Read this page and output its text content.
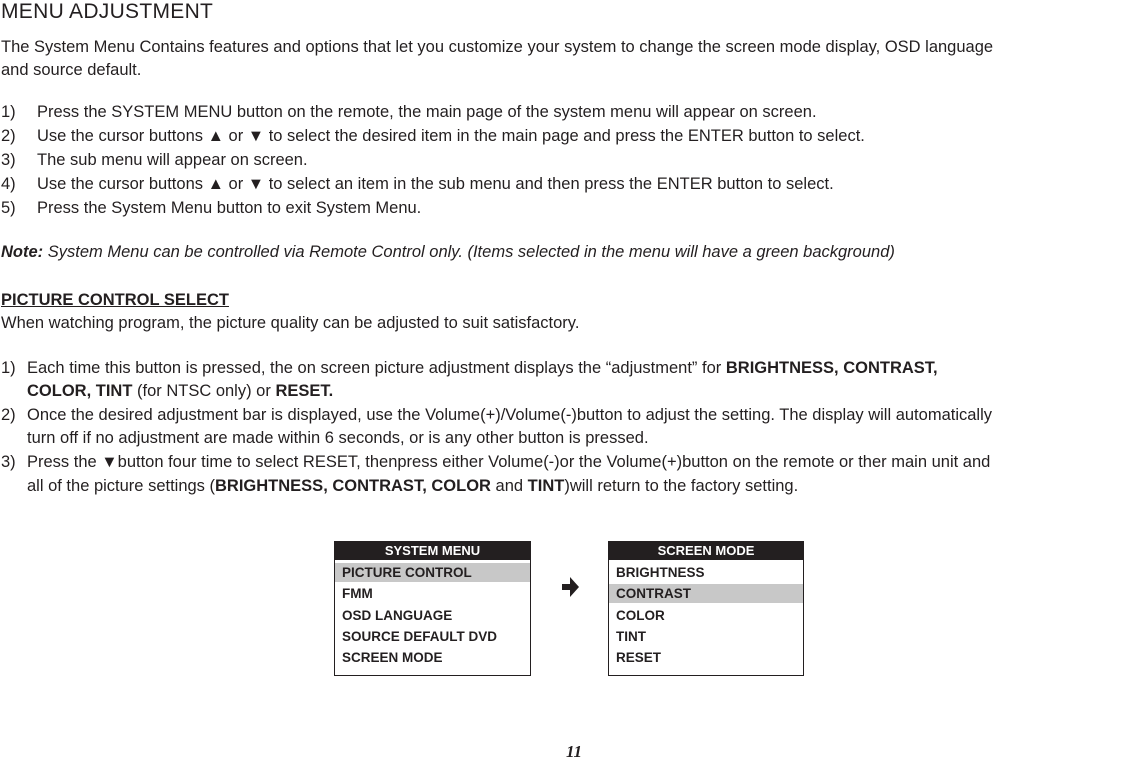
MENU ADJUSTMENT
The System Menu Contains features and options that let you customize your system to change the screen mode display, OSD language
and source default.
1) Press the SYSTEM MENU button on the remote, the main page of the system menu will appear on screen.
2) Use the cursor buttons ▲ or ▼ to select the desired item in the main page and press the ENTER button to select.
3) The sub menu will appear on screen.
4) Use the cursor buttons ▲ or ▼ to select an item in the sub menu and then press the ENTER button to select.
5) Press the System Menu button to exit System Menu.
Note: System Menu can be controlled via Remote Control only. (Items selected in the menu will have a green background)
PICTURE CONTROL SELECT
When watching program, the picture quality can be adjusted to suit satisfactory.
1) Each time this button is pressed, the on screen picture adjustment displays the “adjustment” for BRIGHTNESS, CONTRAST,
COLOR, TINT (for NTSC only) or RESET.
2) Once the desired adjustment bar is displayed, use the Volume(+)/Volume(-)button to adjust the setting. The display will automatically
turn off if no adjustment are made within 6 seconds, or is any other button is pressed.
3) Press the ▼button four time to select RESET, thenpress either Volume(-)or the Volume(+)button on the remote or ther main unit and
all of the picture settings (BRIGHTNESS, CONTRAST, COLOR and TINT)will return to the factory setting.
SYSTEM MENU
PICTURE CONTROL
FMM
OSD LANGUAGE
SOURCE DEFAULT DVD
SCREEN MODE
SCREEN MODE
BRIGHTNESS
CONTRAST
COLOR
TINT
RESET
11
